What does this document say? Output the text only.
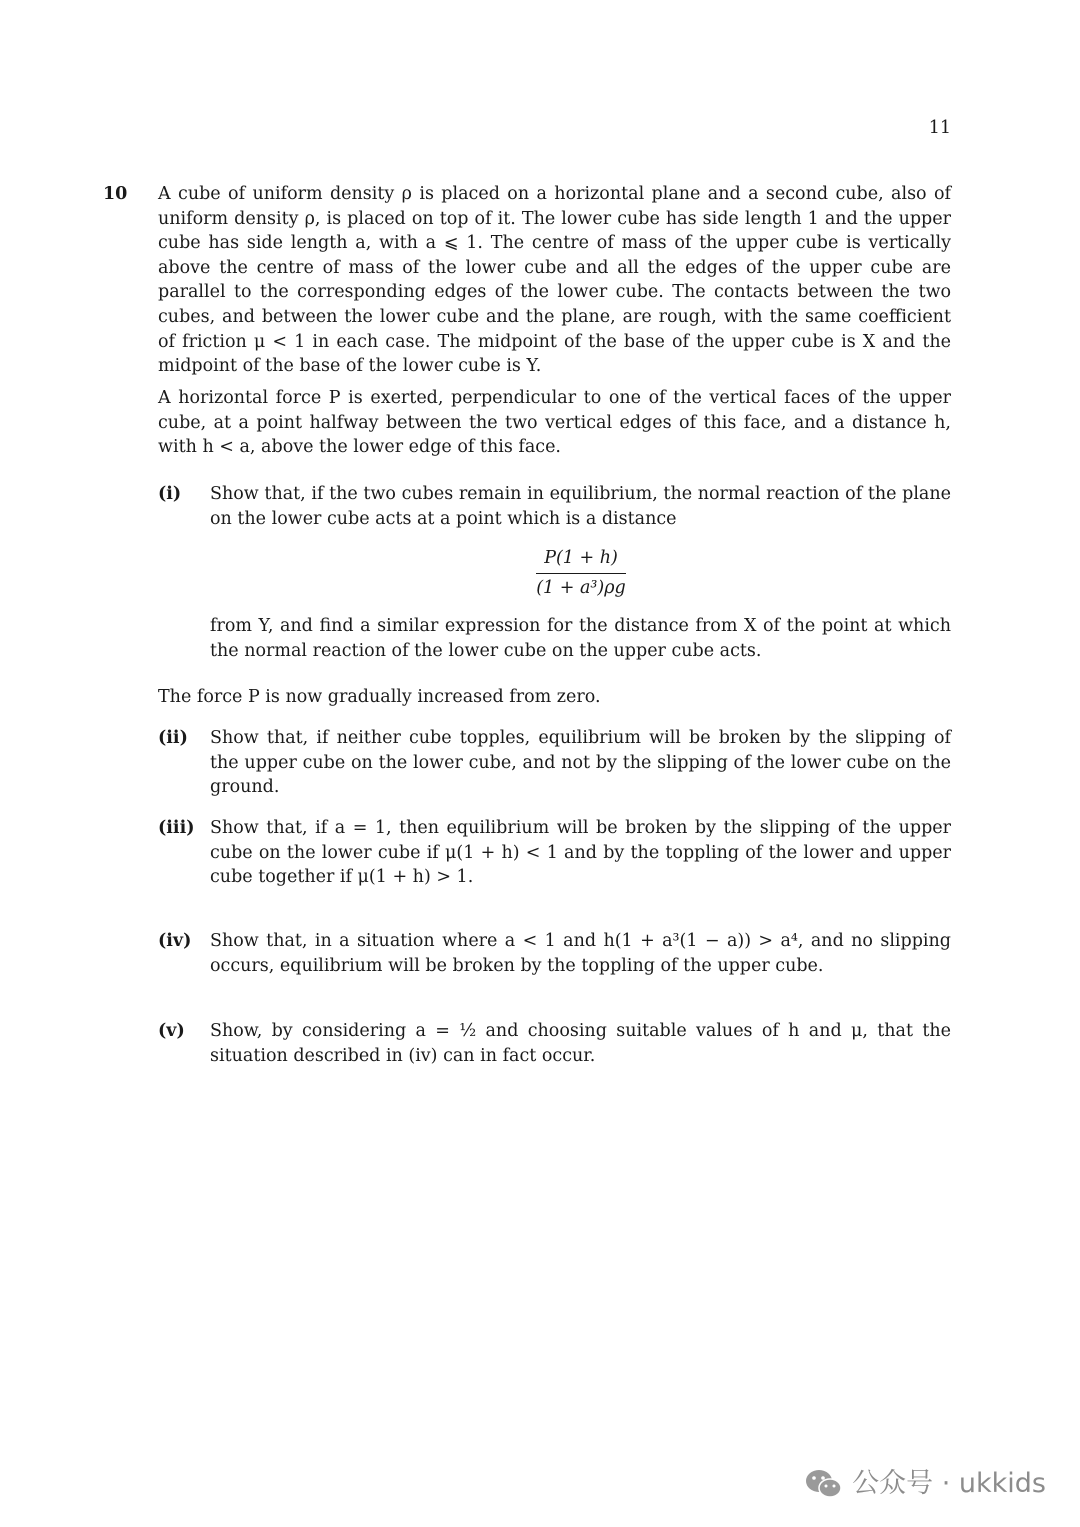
11
10 A cube of uniform density ρ is placed on a horizontal plane and a second cube, also of uniform density ρ, is placed on top of it. The lower cube has side length 1 and the upper cube has side length a, with a ⩽ 1. The centre of mass of the upper cube is vertically above the centre of mass of the lower cube and all the edges of the upper cube are parallel to the corresponding edges of the lower cube. The contacts between the two cubes, and between the lower cube and the plane, are rough, with the same coefficient of friction μ < 1 in each case. The midpoint of the base of the upper cube is X and the midpoint of the base of the lower cube is Y.
A horizontal force P is exerted, perpendicular to one of the vertical faces of the upper cube, at a point halfway between the two vertical edges of this face, and a distance h, with h < a, above the lower edge of this face.
(i) Show that, if the two cubes remain in equilibrium, the normal reaction of the plane on the lower cube acts at a point which is a distance
$\frac{P(1 + h)}{\text{(1 + a³)ρg}}$
from Y, and find a similar expression for the distance from X of the point at which the normal reaction of the lower cube on the upper cube acts.
The force P is now gradually increased from zero.
(ii) Show that, if neither cube topples, equilibrium will be broken by the slipping of the upper cube on the lower cube, and not by the slipping of the lower cube on the ground.
(iii) Show that, if a = 1, then equilibrium will be broken by the slipping of the upper cube on the lower cube if μ(1 + h) < 1 and by the toppling of the lower and upper cube together if μ(1 + h) > 1.
(iv) Show that, in a situation where a < 1 and h(1 + a³(1 − a)) > a⁴, and no slipping occurs, equilibrium will be broken by the toppling of the upper cube.
(v) Show, by considering a = ½ and choosing suitable values of h and μ, that the situation described in (iv) can in fact occur.
公众号 · ukkids
